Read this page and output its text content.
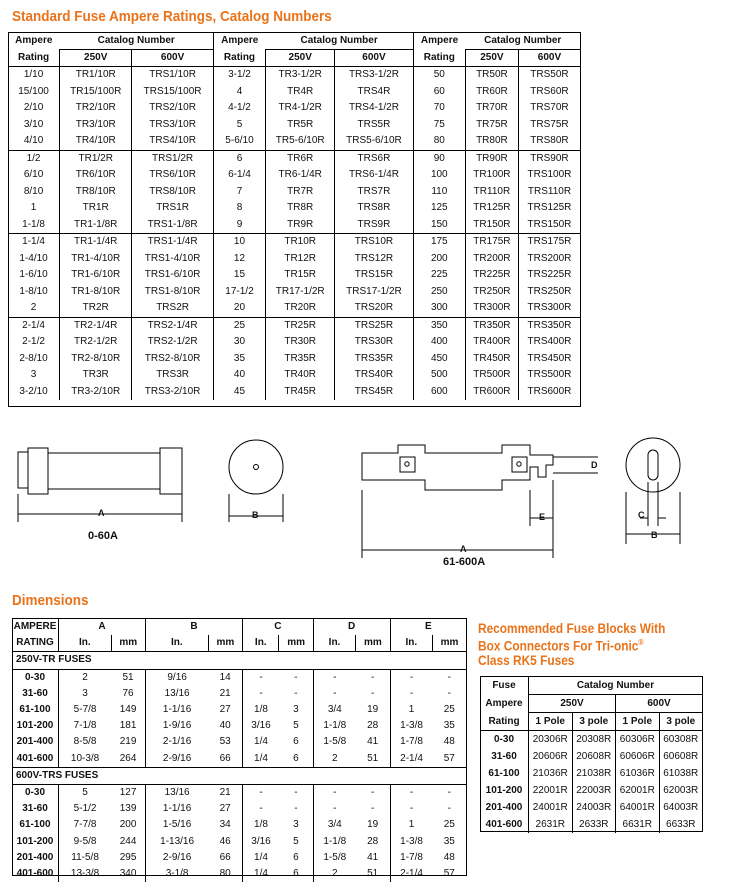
Standard Fuse Ampere Ratings, Catalog Numbers
Ampere	Catalog Number		Ampere	Catalog Number		Ampere	Catalog Number	
Rating	250V	600V	Rating	250V	600V	Rating	250V	600V
1/10	TR1/10R	TRS1/10R	3-1/2	TR3-1/2R	TRS3-1/2R	50	TR50R	TRS50R
15/100	TR15/100R	TRS15/100R	4	TR4R	TRS4R	60	TR60R	TRS60R
2/10	TR2/10R	TRS2/10R	4-1/2	TR4-1/2R	TRS4-1/2R	70	TR70R	TRS70R
3/10	TR3/10R	TRS3/10R	5	TR5R	TRS5R	75	TR75R	TRS75R
4/10	TR4/10R	TRS4/10R	5-6/10	TR5-6/10R	TRS5-6/10R	80	TR80R	TRS80R
1/2	TR1/2R	TRS1/2R	6	TR6R	TRS6R	90	TR90R	TRS90R
6/10	TR6/10R	TRS6/10R	6-1/4	TR6-1/4R	TRS6-1/4R	100	TR100R	TRS100R
8/10	TR8/10R	TRS8/10R	7	TR7R	TRS7R	110	TR110R	TRS110R
1	TR1R	TRS1R	8	TR8R	TRS8R	125	TR125R	TRS125R
1-1/8	TR1-1/8R	TRS1-1/8R	9	TR9R	TRS9R	150	TR150R	TRS150R
1-1/4	TR1-1/4R	TRS1-1/4R	10	TR10R	TRS10R	175	TR175R	TRS175R
1-4/10	TR1-4/10R	TRS1-4/10R	12	TR12R	TRS12R	200	TR200R	TRS200R
1-6/10	TR1-6/10R	TRS1-6/10R	15	TR15R	TRS15R	225	TR225R	TRS225R
1-8/10	TR1-8/10R	TRS1-8/10R	17-1/2	TR17-1/2R	TRS17-1/2R	250	TR250R	TRS250R
2	TR2R	TRS2R	20	TR20R	TRS20R	300	TR300R	TRS300R
2-1/4	TR2-1/4R	TRS2-1/4R	25	TR25R	TRS25R	350	TR350R	TRS350R
2-1/2	TR2-1/2R	TRS2-1/2R	30	TR30R	TRS30R	400	TR400R	TRS400R
2-8/10	TR2-8/10R	TRS2-8/10R	35	TR35R	TRS35R	450	TR450R	TRS450R
3	TR3R	TRS3R	40	TR40R	TRS40R	500	TR500R	TRS500R
3-2/10	TR3-2/10R	TRS3-2/10R	45	TR45R	TRS45R	600	TR600R	TRS600R
A	B
A
E
D
C
B
0-60A
61-600A
Dimensions
AMPERE	A		B		C		D		E	
RATING	In.	mm	In.	mm	In.	mm	In.	mm	In.	mm
250V-TR FUSES										
0-30	2	51	9/16	14	-	-	-	-	-	-
31-60	3	76	13/16	21	-	-	-	-	-	-
61-100	5-7/8	149	1-1/16	27	1/8	3	3/4	19	1	25
101-200	7-1/8	181	1-9/16	40	3/16	5	1-1/8	28	1-3/8	35
201-400	8-5/8	219	2-1/16	53	1/4	6	1-5/8	41	1-7/8	48
401-600	10-3/8	264	2-9/16	66	1/4	6	2	51	2-1/4	57
600V-TRS FUSES										
0-30	5	127	13/16	21	-	-	-	-	-	-
31-60	5-1/2	139	1-1/16	27	-	-	-	-	-	-
61-100	7-7/8	200	1-5/16	34	1/8	3	3/4	19	1	25
101-200	9-5/8	244	1-13/16	46	3/16	5	1-1/8	28	1-3/8	35
201-400	11-5/8	295	2-9/16	66	1/4	6	1-5/8	41	1-7/8	48
401-600	13-3/8	340	3-1/8	80	1/4	6	2	51	2-1/4	57
Recommended Fuse Blocks With
Box Connectors For Tri-onic®
Class RK5 Fuses
Fuse	Catalog Number			
Ampere	250V		600V	
Rating	1 Pole	3 pole	1 Pole	3 pole
0-30	20306R	20308R	60306R	60308R
31-60	20606R	20608R	60606R	60608R
61-100	21036R	21038R	61036R	61038R
101-200	22001R	22003R	62001R	62003R
201-400	24001R	24003R	64001R	64003R
401-600	2631R	2633R	6631R	6633R
